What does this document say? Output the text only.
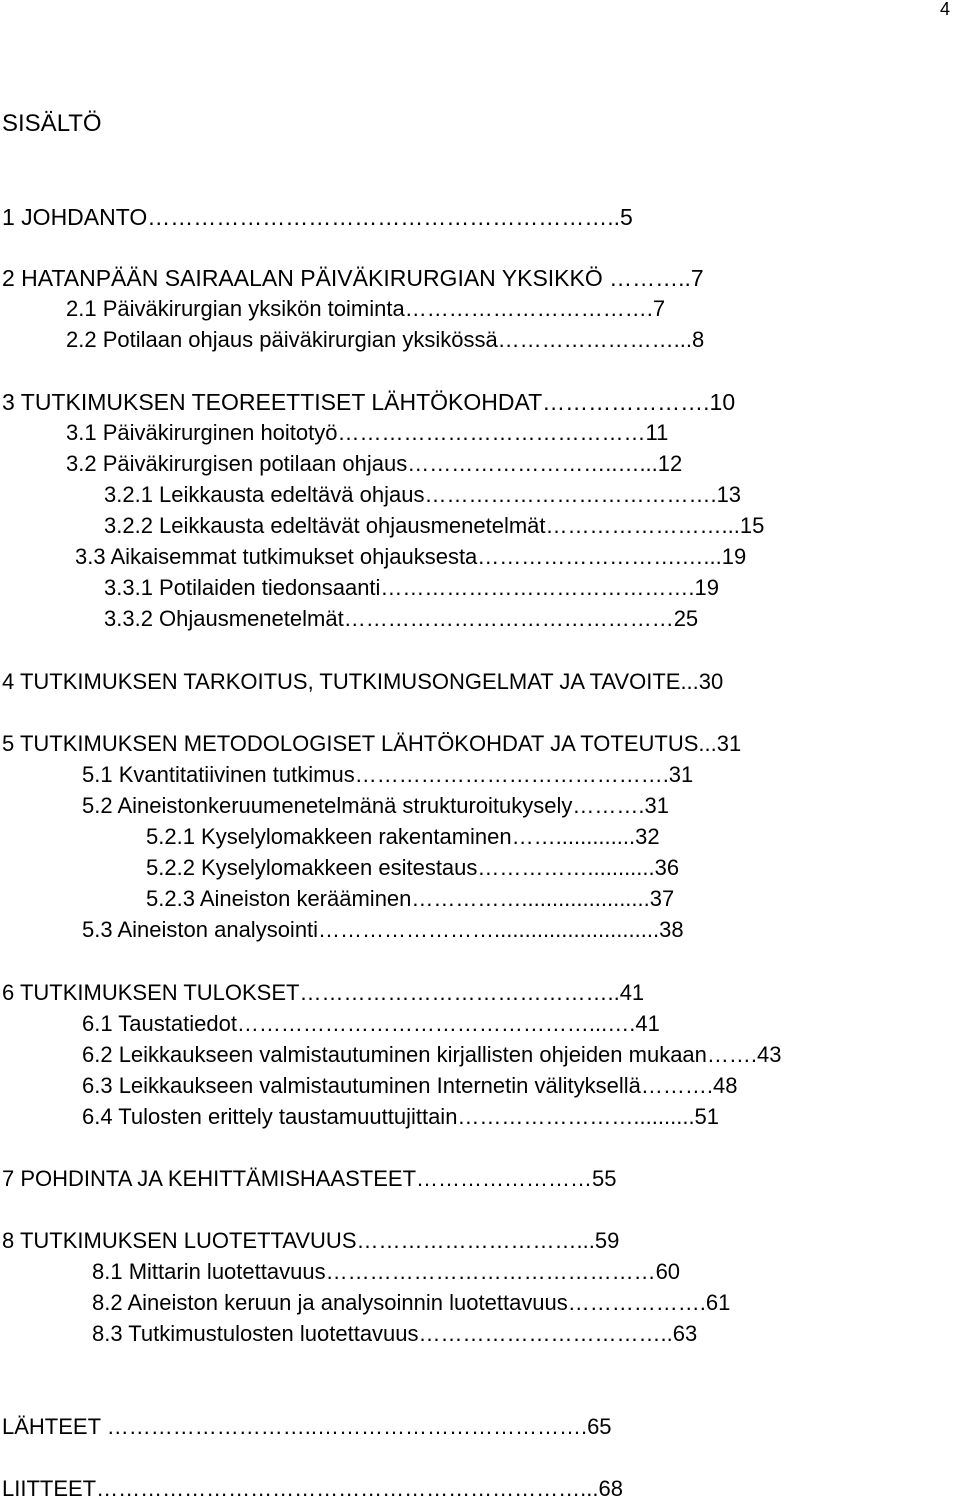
4
SISÄLTÖ
1 JOHDANTO……………………………………………………..5
2 HATANPÄÄN SAIRAALAN PÄIVÄKIRURGIAN YKSIKKÖ ………..7
2.1 Päiväkirurgian yksikön toiminta…………………………….7
2.2 Potilaan ohjaus päiväkirurgian yksikössä……………………...8
3 TUTKIMUKSEN TEOREETTISET LÄHTÖKOHDAT………………….10
3.1 Päiväkirurginen hoitotyö……………………………………11
3.2 Päiväkirurgisen potilaan ohjaus………………………..…...12
3.2.1 Leikkausta edeltävä ohjaus………………………………….13
3.2.2 Leikkausta edeltävät ohjausmenetelmät……………………...15
3.3 Aikaisemmat tutkimukset ohjauksesta……………………….…...19
3.3.1 Potilaiden tiedonsaanti…………………………………….19
3.3.2 Ohjausmenetelmät………………………………………25
4 TUTKIMUKSEN TARKOITUS, TUTKIMUSONGELMAT JA TAVOITE...30
5 TUTKIMUKSEN METODOLOGISET LÄHTÖKOHDAT JA TOTEUTUS...31
5.1 Kvantitatiivinen tutkimus…………………………………….31
5.2 Aineistonkeruumenetelmänä strukturoitukysely……….31
5.2.1 Kyselylomakkeen rakentaminen…….............32
5.2.2 Kyselylomakkeen esitestaus……………...........36
5.2.3 Aineiston kerääminen…………….....................37
5.3 Aineiston analysointi……………………...........................38
6 TUTKIMUKSEN TULOKSET……………………………………..41
6.1 Taustatiedot…………………………………………...….41
6.2 Leikkaukseen valmistautuminen kirjallisten ohjeiden mukaan…….43
6.3 Leikkaukseen valmistautuminen Internetin välityksellä……….48
6.4 Tulosten erittely taustamuuttujittain……………………..........51
7 POHDINTA JA KEHITTÄMISHAASTEET……………………55
8 TUTKIMUKSEN LUOTETTAVUUS…………………………...59
8.1 Mittarin luotettavuus………………………………………60
8.2 Aineiston keruun ja analysoinnin luotettavuus……………….61
8.3 Tutkimustulosten luotettavuus……………………………..63
LÄHTEET ………………………..……………………………….65
LIITTEET…………………………………………………………...68
